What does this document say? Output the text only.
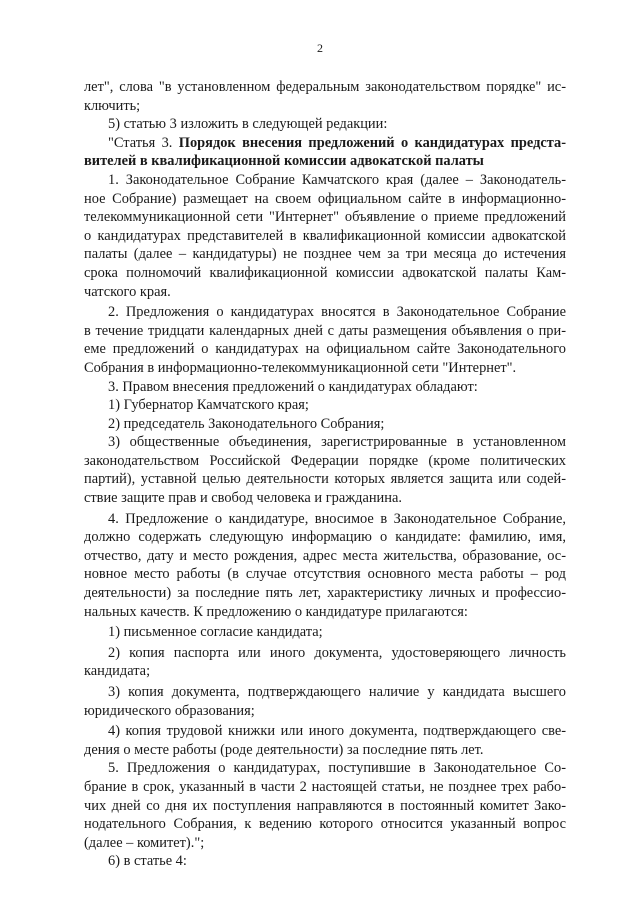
2
лет", слова "в установленном федеральным законодательством порядке" ис-
ключить;
5) статью 3 изложить в следующей редакции:
"Статья 3. Порядок внесения предложений о кандидатурах предста-
вителей в квалификационной комиссии адвокатской палаты
1. Законодательное Собрание Камчатского края (далее – Законодатель-
ное Собрание) размещает на своем официальном сайте в информационно-
телекоммуникационной сети "Интернет" объявление о приеме предложений
о кандидатурах представителей в квалификационной комиссии адвокатской
палаты (далее – кандидатуры) не позднее чем за три месяца до истечения
срока полномочий квалификационной комиссии адвокатской палаты Кам-
чатского края.
2. Предложения о кандидатурах вносятся в Законодательное Собрание
в течение тридцати календарных дней с даты размещения объявления о при-
еме предложений о кандидатурах на официальном сайте Законодательного
Собрания в информационно-телекоммуникационной сети "Интернет".
3. Правом внесения предложений о кандидатурах обладают:
1) Губернатор Камчатского края;
2) председатель Законодательного Собрания;
3) общественные объединения, зарегистрированные в установленном
законодательством Российской Федерации порядке (кроме политических
партий), уставной целью деятельности которых является защита или содей-
ствие защите прав и свобод человека и гражданина.
4. Предложение о кандидатуре, вносимое в Законодательное Собрание,
должно содержать следующую информацию о кандидате: фамилию, имя,
отчество, дату и место рождения, адрес места жительства, образование, ос-
новное место работы (в случае отсутствия основного места работы – род
деятельности) за последние пять лет, характеристику личных и профессио-
нальных качеств. К предложению о кандидатуре прилагаются:
1) письменное согласие кандидата;
2) копия паспорта или иного документа, удостоверяющего личность
кандидата;
3) копия документа, подтверждающего наличие у кандидата высшего
юридического образования;
4) копия трудовой книжки или иного документа, подтверждающего све-
дения о месте работы (роде деятельности) за последние пять лет.
5. Предложения о кандидатурах, поступившие в Законодательное Со-
брание в срок, указанный в части 2 настоящей статьи, не позднее трех рабо-
чих дней со дня их поступления направляются в постоянный комитет Зако-
нодательного Собрания, к ведению которого относится указанный вопрос
(далее – комитет).";
6) в статье 4:
